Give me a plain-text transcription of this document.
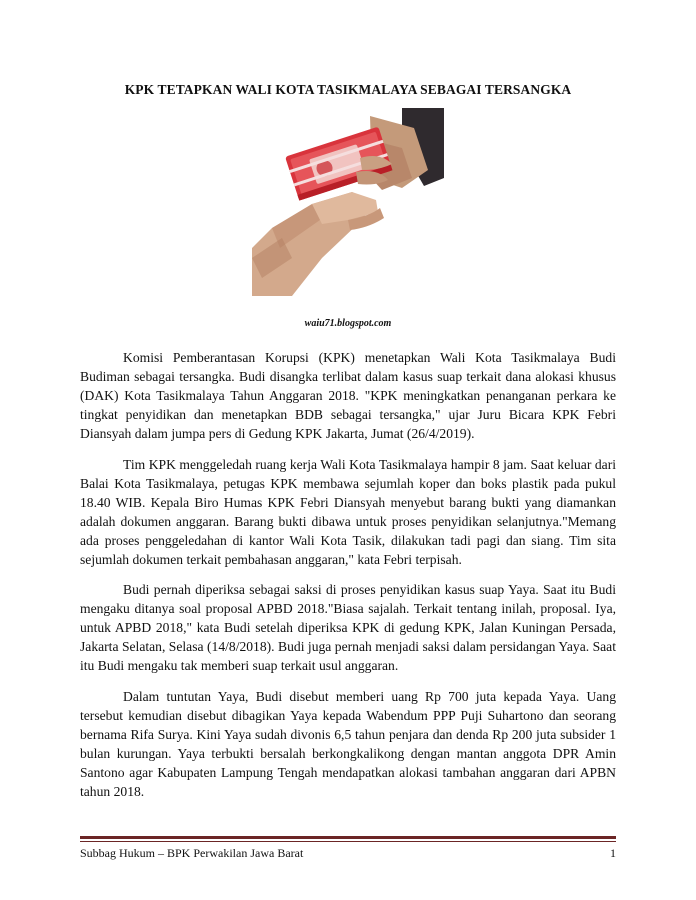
KPK TETAPKAN WALI KOTA TASIKMALAYA SEBAGAI TERSANGKA
waiu71.blogspot.com

Komisi Pemberantasan Korupsi (KPK) menetapkan Wali Kota Tasikmalaya Budi Budiman sebagai tersangka. Budi disangka terlibat dalam kasus suap terkait dana alokasi khusus (DAK) Kota Tasikmalaya Tahun Anggaran 2018. "KPK meningkatkan penanganan perkara ke tingkat penyidikan dan menetapkan BDB sebagai tersangka," ujar Juru Bicara KPK Febri Diansyah dalam jumpa pers di Gedung KPK Jakarta, Jumat (26/4/2019).

Tim KPK menggeledah ruang kerja Wali Kota Tasikmalaya hampir 8 jam. Saat keluar dari Balai Kota Tasikmalaya, petugas KPK membawa sejumlah koper dan boks plastik pada pukul 18.40 WIB. Kepala Biro Humas KPK Febri Diansyah menyebut barang bukti yang diamankan adalah dokumen anggaran. Barang bukti dibawa untuk proses penyidikan selanjutnya."Memang ada proses penggeledahan di kantor Wali Kota Tasik, dilakukan tadi pagi dan siang. Tim sita sejumlah dokumen terkait pembahasan anggaran," kata Febri terpisah.

Budi pernah diperiksa sebagai saksi di proses penyidikan kasus suap Yaya. Saat itu Budi mengaku ditanya soal proposal APBD 2018."Biasa sajalah. Terkait tentang inilah, proposal. Iya, untuk APBD 2018," kata Budi setelah diperiksa KPK di gedung KPK, Jalan Kuningan Persada, Jakarta Selatan, Selasa (14/8/2018). Budi juga pernah menjadi saksi dalam persidangan Yaya. Saat itu Budi mengaku tak memberi suap terkait usul anggaran.

Dalam tuntutan Yaya, Budi disebut memberi uang Rp 700 juta kepada Yaya. Uang tersebut kemudian disebut dibagikan Yaya kepada Wabendum PPP Puji Suhartono dan seorang bernama Rifa Surya. Kini Yaya sudah divonis 6,5 tahun penjara dan denda Rp 200 juta subsider 1 bulan kurungan. Yaya terbukti bersalah berkongkalikong dengan mantan anggota DPR Amin Santono agar Kabupaten Lampung Tengah mendapatkan alokasi tambahan anggaran dari APBN tahun 2018.

Subbag Hukum – BPK Perwakilan Jawa Barat	1
